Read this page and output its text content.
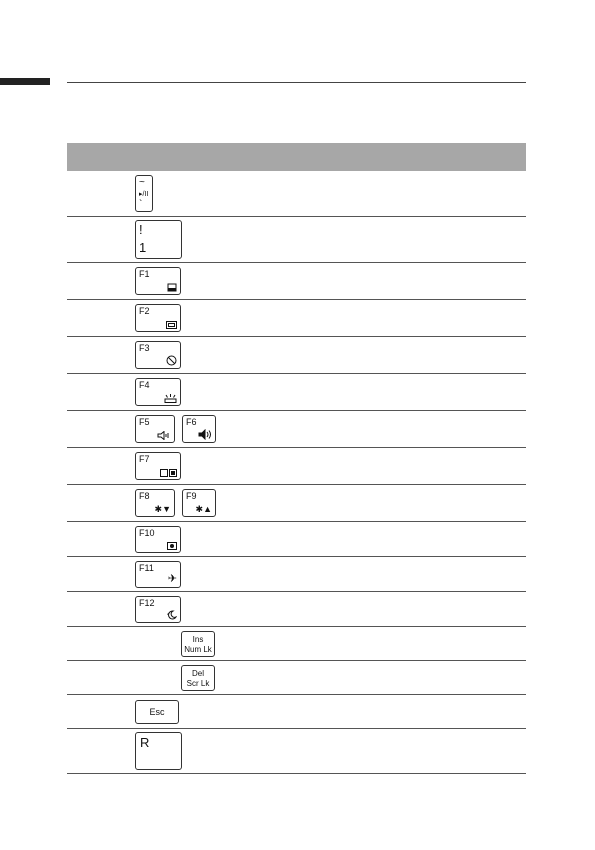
~
▸/II
`
!
1
F1
F2
F3
F4
F5	F6
F7
F8
✱▼
F9
✱▲
F10
F11
✈
F12
z
Ins
Num Lk
Del
Scr Lk
Esc
R
